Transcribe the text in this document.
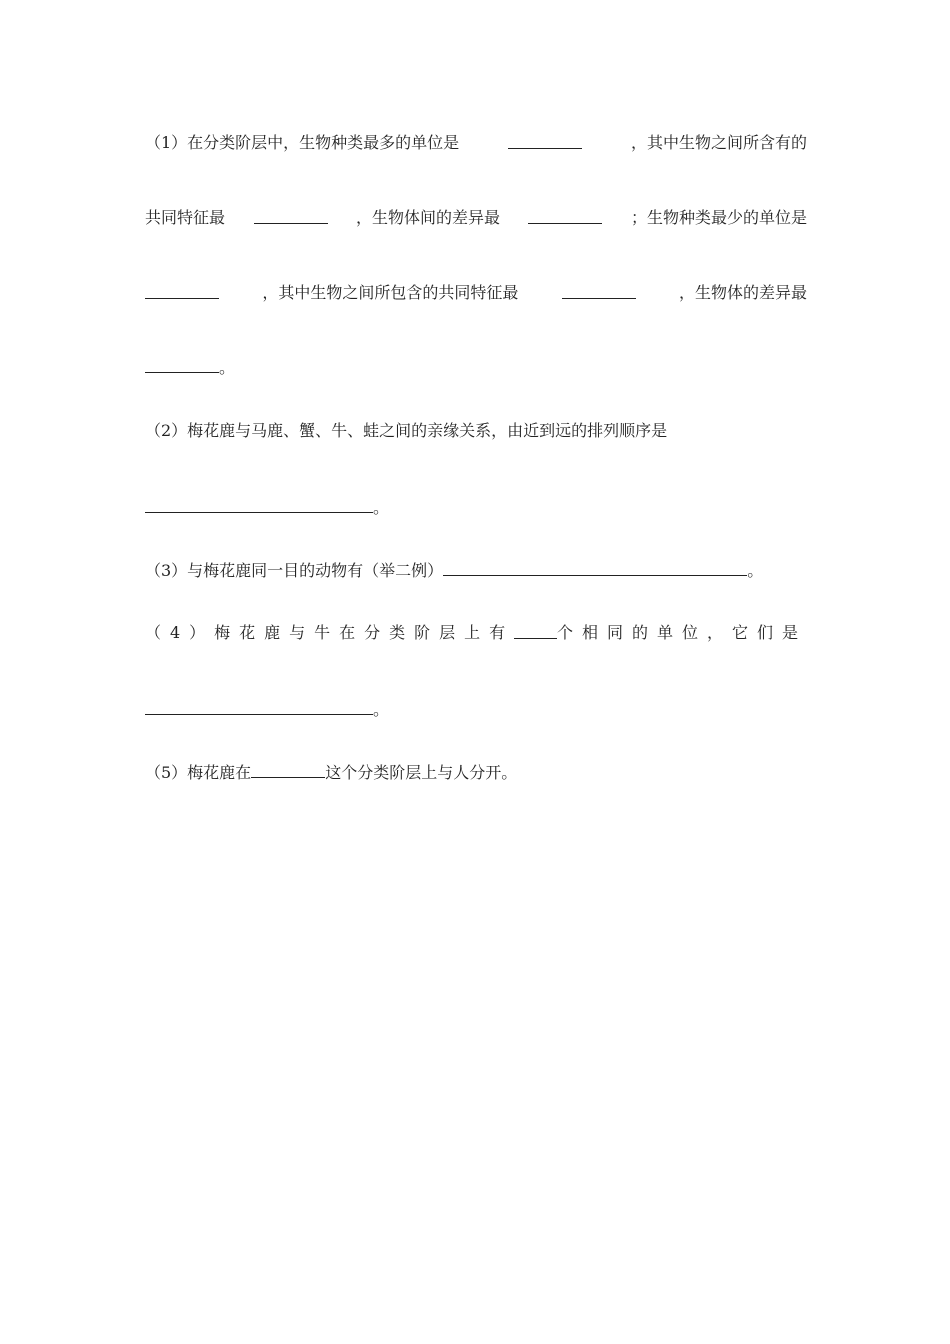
（1）在分类阶层中，生物种类最多的单位是	，其中生物之间所含有的
共同特征最	，生物体间的差异最	；生物种类最少的单位是
，其中生物之间所包含的共同特征最	，生物体的差异最
。
（2）梅花鹿与马鹿、蟹、牛、蛙之间的亲缘关系，由近到远的排列顺序是
。
（3）与梅花鹿同一目的动物有（举二例）	。
（4）梅花鹿与牛在分类阶层上有	个相同的单位，它们是
。
（5）梅花鹿在	这个分类阶层上与人分开。
